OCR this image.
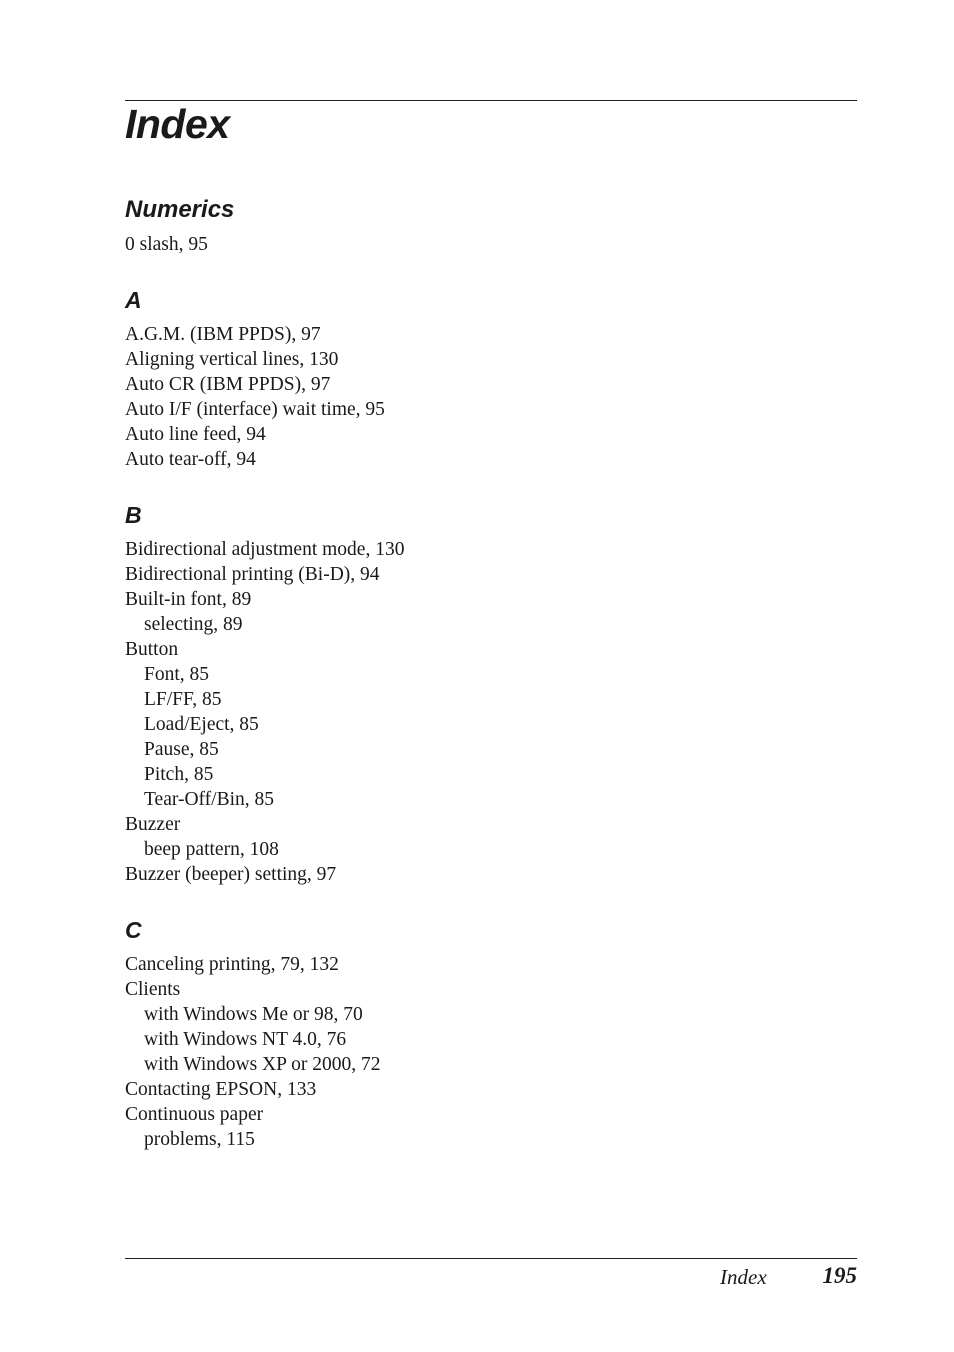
Index
Numerics
0 slash, 95
A
A.G.M. (IBM PPDS), 97
Aligning vertical lines, 130
Auto CR (IBM PPDS), 97
Auto I/F (interface) wait time, 95
Auto line feed, 94
Auto tear-off, 94
B
Bidirectional adjustment mode, 130
Bidirectional printing (Bi-D), 94
Built-in font, 89
selecting, 89
Button
Font, 85
LF/FF, 85
Load/Eject, 85
Pause, 85
Pitch, 85
Tear-Off/Bin, 85
Buzzer
beep pattern, 108
Buzzer (beeper) setting, 97
C
Canceling printing, 79, 132
Clients
with Windows Me or 98, 70
with Windows NT 4.0, 76
with Windows XP or 2000, 72
Contacting EPSON, 133
Continuous paper
problems, 115
Index 195
